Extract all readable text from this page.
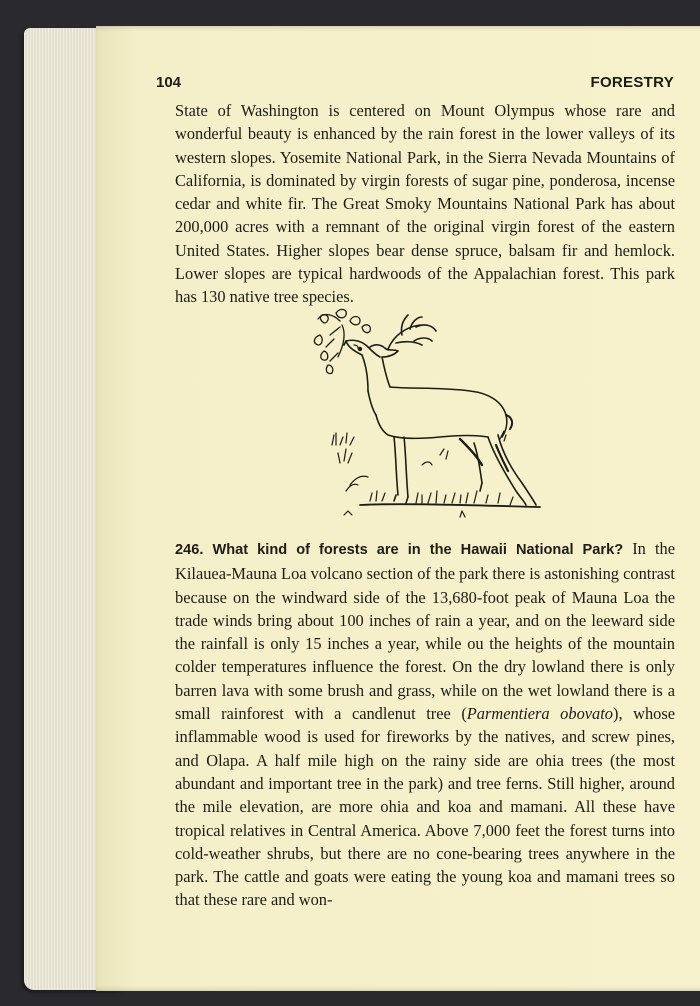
104	FORESTRY
State of Washington is centered on Mount Olympus whose rare and wonderful beauty is enhanced by the rain forest in the lower valleys of its western slopes. Yosemite National Park, in the Sierra Nevada Mountains of California, is dominated by virgin forests of sugar pine, ponderosa, incense cedar and white fir. The Great Smoky Mountains National Park has about 200,000 acres with a remnant of the original virgin forest of the eastern United States. Higher slopes bear dense spruce, balsam fir and hemlock. Lower slopes are typical hardwoods of the Appalachian forest. This park has 130 native tree species.
246. What kind of forests are in the Hawaii National Park? In the Kilauea-Mauna Loa volcano section of the park there is astonishing contrast because on the windward side of the 13,680-foot peak of Mauna Loa the trade winds bring about 100 inches of rain a year, and on the leeward side the rainfall is only 15 inches a year, while ou the heights of the mountain colder temperatures influence the forest. On the dry lowland there is only barren lava with some brush and grass, while on the wet lowland there is a small rainforest with a candlenut tree (Parmentiera obovato), whose inflammable wood is used for fireworks by the natives, and screw pines, and Olapa. A half mile high on the rainy side are ohia trees (the most abundant and important tree in the park) and tree ferns. Still higher, around the mile elevation, are more ohia and koa and mamani. All these have tropical relatives in Central America. Above 7,000 feet the forest turns into cold-weather shrubs, but there are no cone-bearing trees anywhere in the park. The cattle and goats were eating the young koa and mamani trees so that these rare and won-
